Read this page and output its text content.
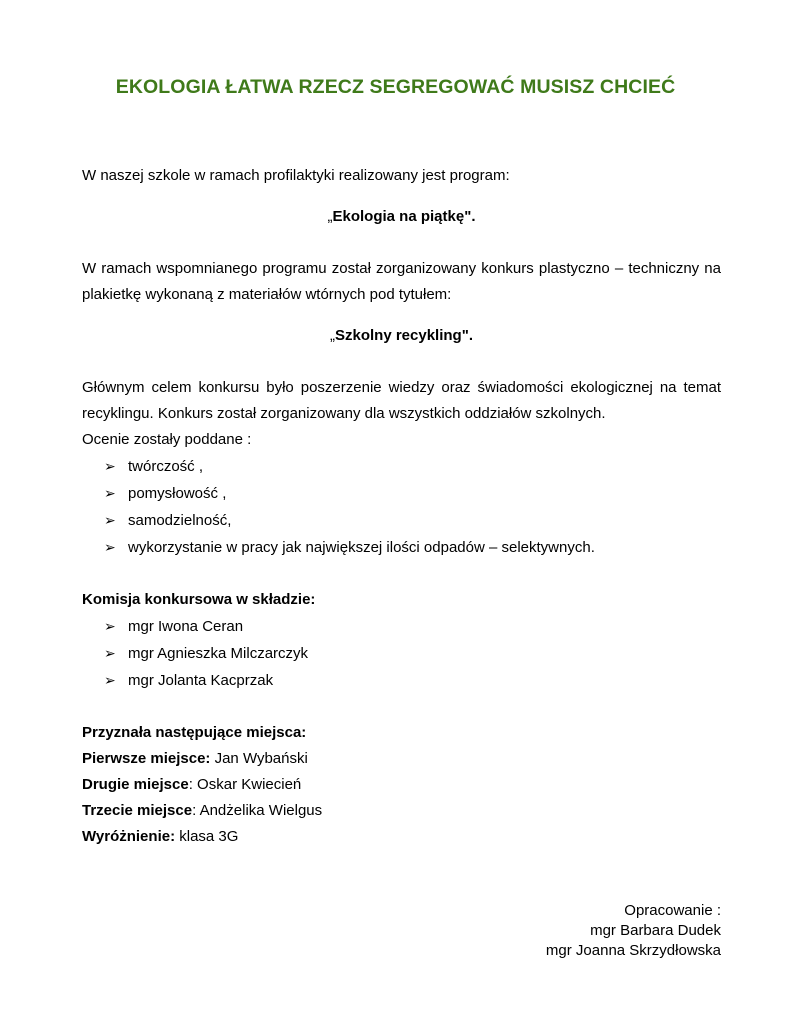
EKOLOGIA ŁATWA RZECZ SEGREGOWAĆ MUSISZ CHCIEĆ

W naszej szkole w ramach profilaktyki realizowany jest program:

„Ekologia na piątkę".

W ramach wspomnianego programu został zorganizowany konkurs plastyczno – techniczny na plakietkę wykonaną z materiałów wtórnych pod tytułem:

„Szkolny recykling".

Głównym celem konkursu było poszerzenie wiedzy oraz świadomości ekologicznej na temat recyklingu. Konkurs został zorganizowany dla wszystkich oddziałów szkolnych.

Ocenie zostały poddane :

➢ twórczość ,
➢ pomysłowość ,
➢ samodzielność,
➢ wykorzystanie w pracy jak największej ilości odpadów – selektywnych.

Komisja konkursowa w składzie:

➢ mgr Iwona Ceran
➢ mgr Agnieszka Milczarczyk
➢ mgr Jolanta Kacprzak

Przyznała następujące miejsca:

Pierwsze miejsce: Jan Wybański

Drugie miejsce: Oskar Kwiecień

Trzecie miejsce: Andżelika Wielgus

Wyróżnienie: klasa 3G

Opracowanie :
mgr Barbara Dudek
mgr Joanna Skrzydłowska
